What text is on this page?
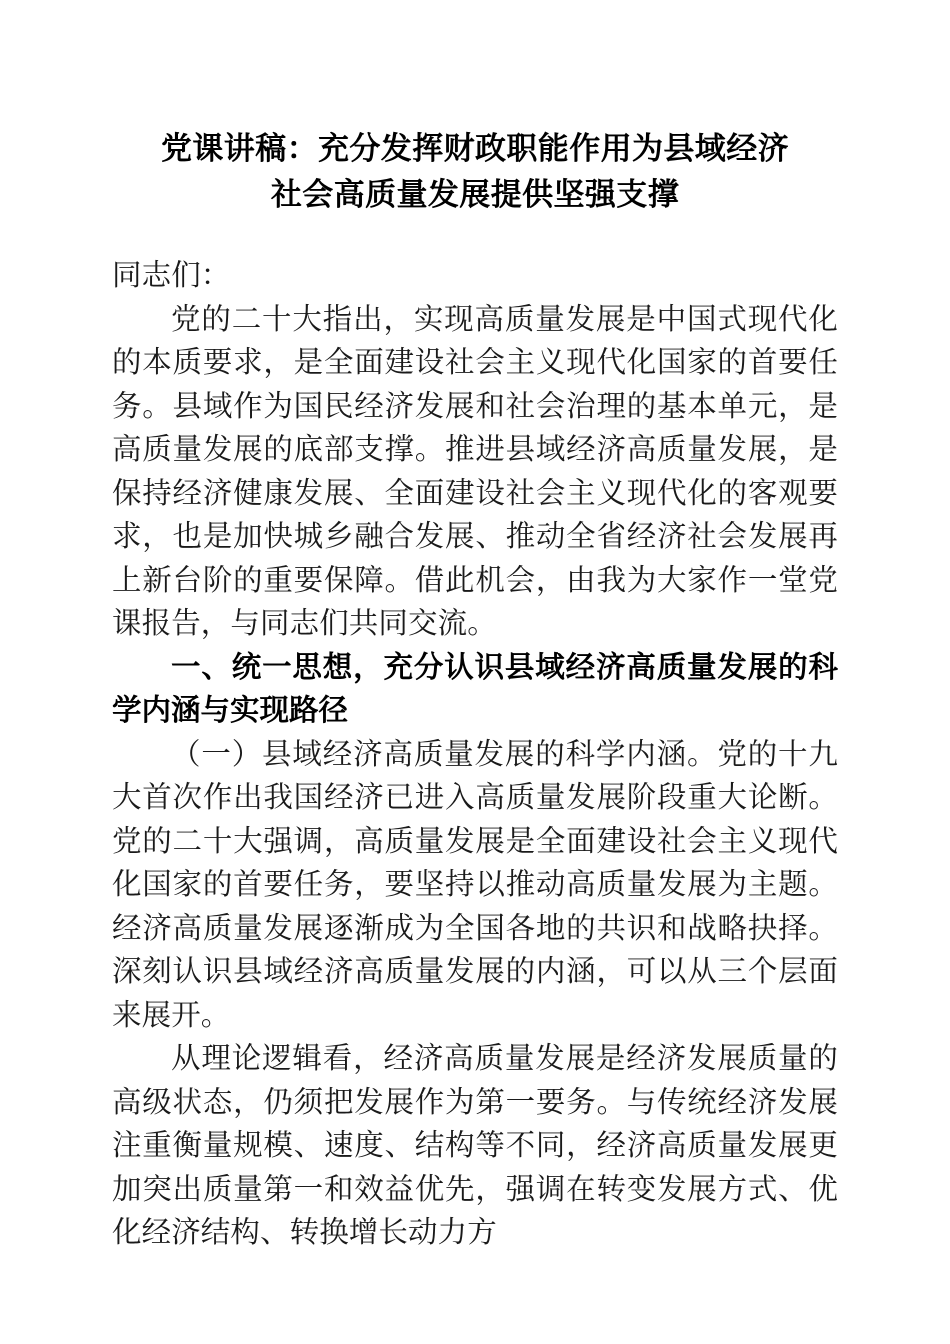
党课讲稿：充分发挥财政职能作用为县域经济
社会高质量发展提供坚强支撑

同志们：

党的二十大指出，实现高质量发展是中国式现代化的本质要求，是全面建设社会主义现代化国家的首要任务。县域作为国民经济发展和社会治理的基本单元，是高质量发展的底部支撑。推进县域经济高质量发展，是保持经济健康发展、全面建设社会主义现代化的客观要求，也是加快城乡融合发展、推动全省经济社会发展再上新台阶的重要保障。借此机会，由我为大家作一堂党课报告，与同志们共同交流。

一、统一思想，充分认识县域经济高质量发展的科学内涵与实现路径

（一）县域经济高质量发展的科学内涵。党的十九大首次作出我国经济已进入高质量发展阶段重大论断。党的二十大强调，高质量发展是全面建设社会主义现代化国家的首要任务，要坚持以推动高质量发展为主题。经济高质量发展逐渐成为全国各地的共识和战略抉择。深刻认识县域经济高质量发展的内涵，可以从三个层面来展开。

从理论逻辑看，经济高质量发展是经济发展质量的高级状态，仍须把发展作为第一要务。与传统经济发展注重衡量规模、速度、结构等不同，经济高质量发展更加突出质量第一和效益优先，强调在转变发展方式、优化经济结构、转换增长动力方
